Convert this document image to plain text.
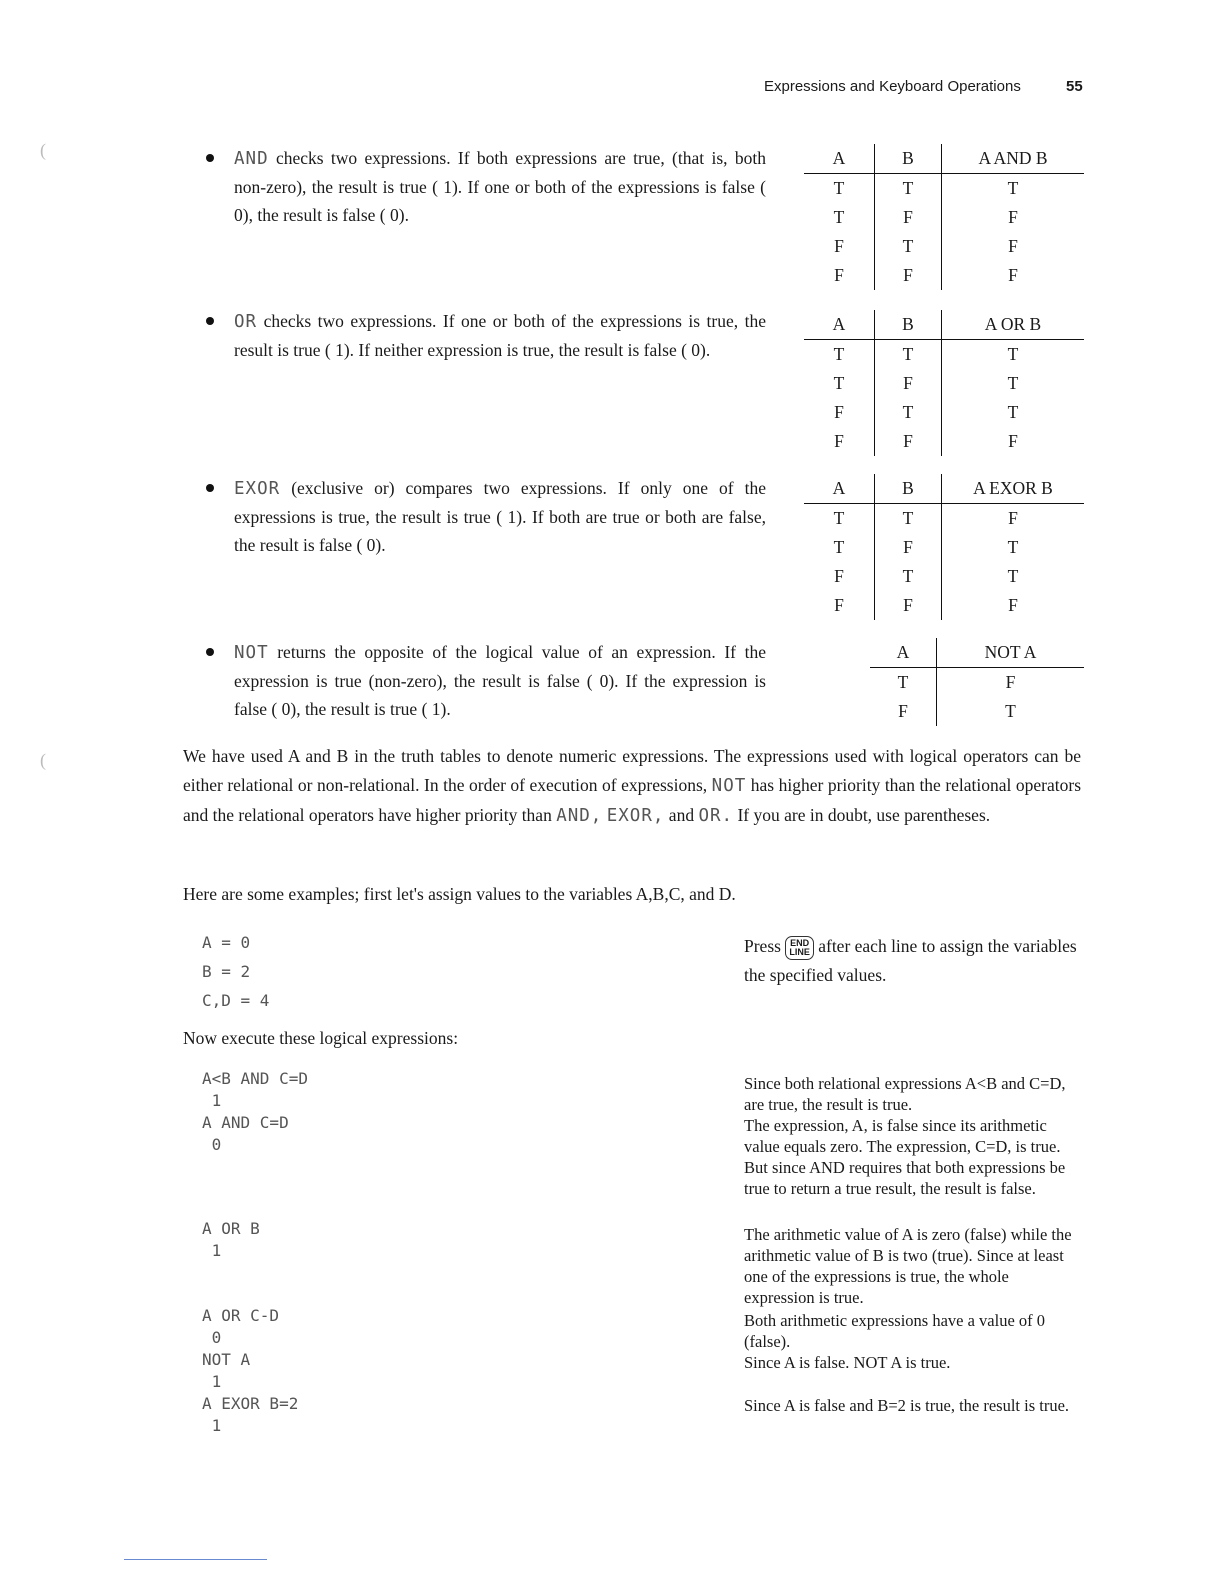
Expressions and Keyboard Operations	55
AND checks two expressions. If both expressions are true, (that is, both non-zero), the result is true ( 1). If one or both of the expressions is false ( 0), the result is false ( 0).
OR checks two expressions. If one or both of the expressions is true, the result is true ( 1). If neither expression is true, the result is false ( 0).
EXOR (exclusive or) compares two expressions. If only one of the expressions is true, the result is true ( 1). If both are true or both are false, the result is false ( 0).
NOT returns the opposite of the logical value of an expression. If the expression is true (non-zero), the result is false ( 0). If the expression is false ( 0), the result is true ( 1).
A	B	A AND B
T	T	T
T	F	F
F	T	F
F	F	F
A	B	A OR B
T	T	T
T	F	T
F	T	T
F	F	F
A	B	A EXOR B
T	T	F
T	F	T
F	T	T
F	F	F
A	NOT A
T	F
F	T
We have used A and B in the truth tables to denote numeric expressions. The expressions used with logical operators can be either relational or non-relational. In the order of execution of expressions, NOT has higher priority than the relational operators and the relational operators have higher priority than AND, EXOR, and OR. If you are in doubt, use parentheses.
Here are some examples; first let's assign values to the variables A,B,C, and D.
A = 0
B = 2
C,D = 4
Press END
LINE after each line to assign the variables the specified values.
Now execute these logical expressions:
A<B AND C=D
1
A AND C=D
0
A OR B
1
A OR C-D
0
NOT A
1
A EXOR B=2
1
Since both relational expressions A<B and C=D, are true, the result is true.
The expression, A, is false since its arithmetic value equals zero. The expression, C=D, is true. But since AND requires that both expressions be true to return a true result, the result is false.
The arithmetic value of A is zero (false) while the arithmetic value of B is two (true). Since at least one of the expressions is true, the whole expression is true.
Both arithmetic expressions have a value of 0 (false).
Since A is false. NOT A is true.
Since A is false and B=2 is true, the result is true.
(
(
